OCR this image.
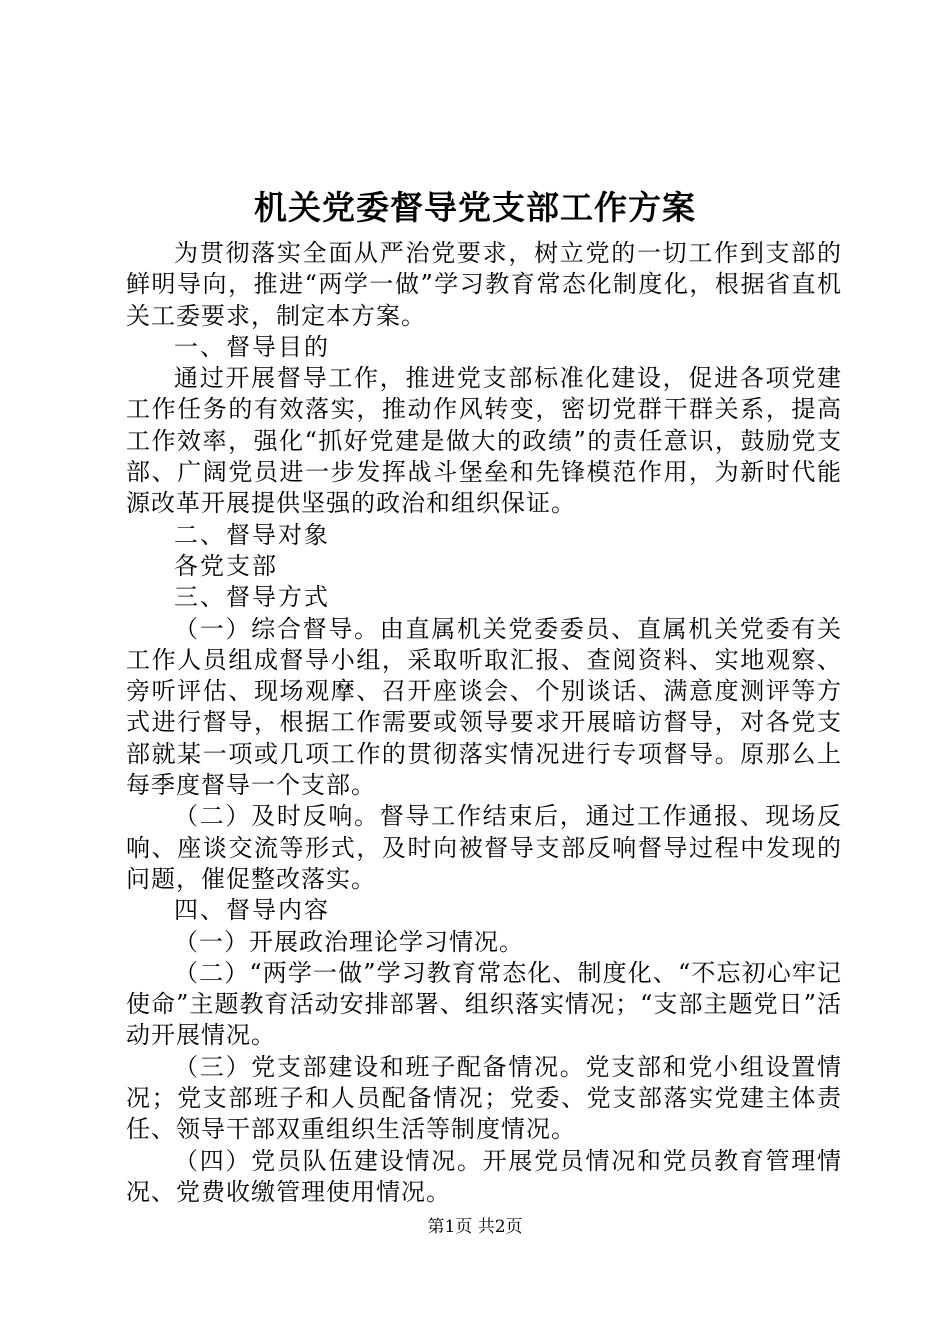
机关党委督导党支部工作方案

为贯彻落实全面从严治党要求，树立党的一切工作到支部的鲜明导向，推进“两学一做”学习教育常态化制度化，根据省直机关工委要求，制定本方案。

一、督导目的

通过开展督导工作，推进党支部标准化建设，促进各项党建工作任务的有效落实，推动作风转变，密切党群干群关系，提高工作效率，强化“抓好党建是做大的政绩”的责任意识，鼓励党支部、广阔党员进一步发挥战斗堡垒和先锋模范作用，为新时代能源改革开展提供坚强的政治和组织保证。

二、督导对象

各党支部

三、督导方式

（一）综合督导。由直属机关党委委员、直属机关党委有关工作人员组成督导小组，采取听取汇报、查阅资料、实地观察、旁听评估、现场观摩、召开座谈会、个别谈话、满意度测评等方式进行督导，根据工作需要或领导要求开展暗访督导，对各党支部就某一项或几项工作的贯彻落实情况进行专项督导。原那么上每季度督导一个支部。

（二）及时反响。督导工作结束后，通过工作通报、现场反响、座谈交流等形式，及时向被督导支部反响督导过程中发现的问题，催促整改落实。

四、督导内容

（一）开展政治理论学习情况。

（二）“两学一做”学习教育常态化、制度化、“不忘初心牢记使命”主题教育活动安排部署、组织落实情况；“支部主题党日”活动开展情况。

（三）党支部建设和班子配备情况。党支部和党小组设置情况；党支部班子和人员配备情况；党委、党支部落实党建主体责任、领导干部双重组织生活等制度情况。

（四）党员队伍建设情况。开展党员情况和党员教育管理情况、党费收缴管理使用情况。

第1页 共2页
